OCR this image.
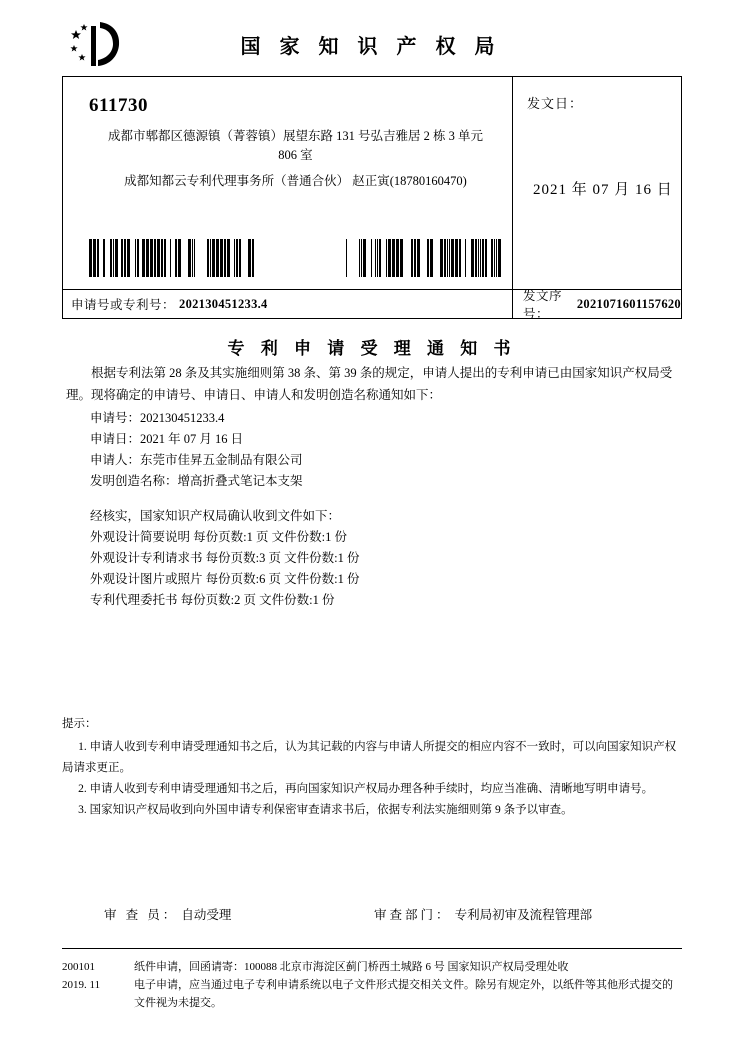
国 家 知 识 产 权 局
611730
成都市郫都区德源镇（菁蓉镇）展望东路 131 号弘吉雅居 2 栋 3 单元
806 室
成都知都云专利代理事务所（普通合伙） 赵正寅(18780160470)
发文日：
2021 年 07 月 16 日
申请号或专利号： 202130451233.4
发文序号：
2021071601157620
专 利 申 请 受 理 通 知 书
根据专利法第 28 条及其实施细则第 38 条、第 39 条的规定，申请人提出的专利申请已由国家知识产权局受理。现将确定的申请号、申请日、申请人和发明创造名称通知如下：
申请号：202130451233.4
申请日：2021 年 07 月 16 日
申请人：东莞市佳昇五金制品有限公司
发明创造名称：增高折叠式笔记本支架
经核实，国家知识产权局确认收到文件如下：
外观设计简要说明 每份页数:1 页 文件份数:1 份
外观设计专利请求书 每份页数:3 页 文件份数:1 份
外观设计图片或照片 每份页数:6 页 文件份数:1 份
专利代理委托书 每份页数:2 页 文件份数:1 份
提示：
1. 申请人收到专利申请受理通知书之后，认为其记载的内容与申请人所提交的相应内容不一致时，可以向国家知识产权局请求更正。
2. 申请人收到专利申请受理通知书之后，再向国家知识产权局办理各种手续时，均应当准确、清晰地写明申请号。
3. 国家知识产权局收到向外国申请专利保密审查请求书后，依据专利法实施细则第 9 条予以审查。
审 查 员： 自动受理	审查部门： 专利局初审及流程管理部
200101
2019. 11
纸件申请，回函请寄：100088 北京市海淀区蓟门桥西土城路 6 号 国家知识产权局受理处收
电子申请，应当通过电子专利申请系统以电子文件形式提交相关文件。除另有规定外，以纸件等其他形式提交的
文件视为未提交。
